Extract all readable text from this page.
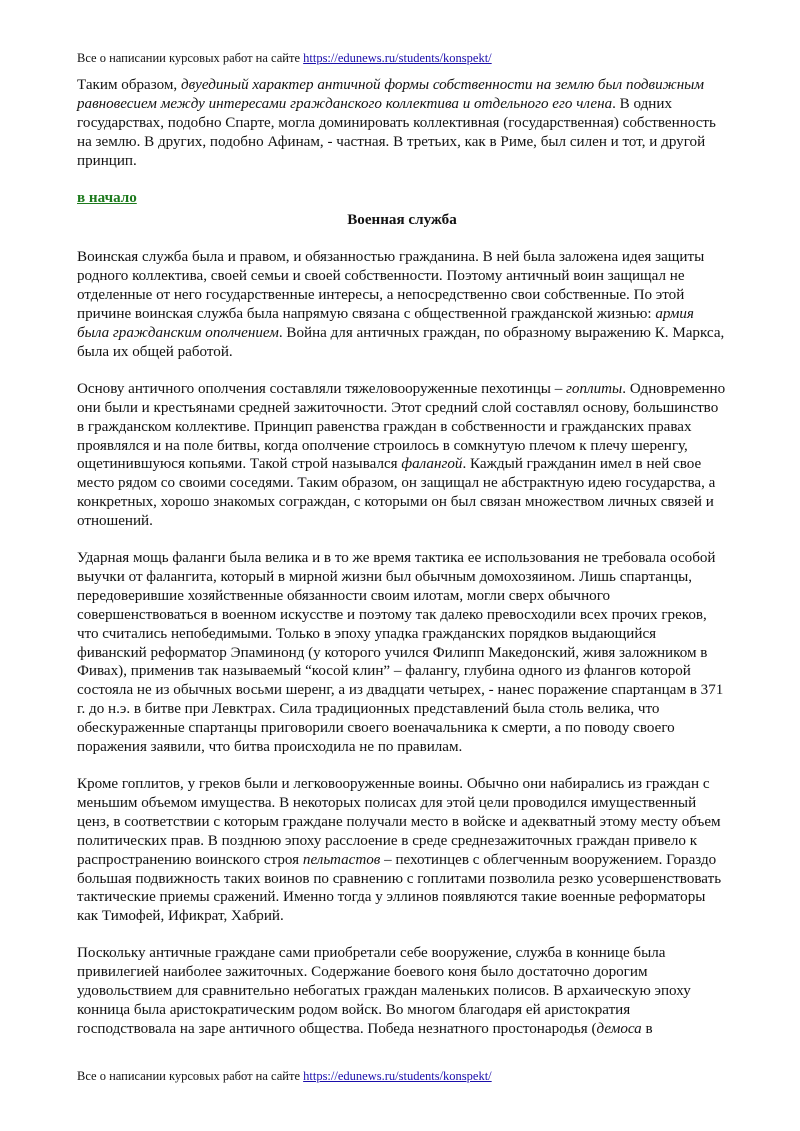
Все о написании курсовых работ на сайте https://edunews.ru/students/konspekt/

Таким образом, двуединый характер античной формы собственности на землю был подвижным равновесием между интересами гражданского коллектива и отдельного его члена. В одних государствах, подобно Спарте, могла доминировать коллективная (государственная) собственность на землю. В других, подобно Афинам, - частная. В третьих, как в Риме, был силен и тот, и другой принцип.

в начало

Военная служба

Воинская служба была и правом, и обязанностью гражданина. В ней была заложена идея защиты родного коллектива, своей семьи и своей собственности. Поэтому античный воин защищал не отделенные от него государственные интересы, а непосредственно свои собственные. По этой причине воинская служба была напрямую связана с общественной гражданской жизнью: армия была гражданским ополчением. Война для античных граждан, по образному выражению К. Маркса, была их общей работой.

Основу античного ополчения составляли тяжеловооруженные пехотинцы – гоплиты. Одновременно они были и крестьянами средней зажиточности. Этот средний слой составлял основу, большинство в гражданском коллективе. Принцип равенства граждан в собственности и гражданских правах проявлялся и на поле битвы, когда ополчение строилось в сомкнутую плечом к плечу шеренгу, ощетинившуюся копьями. Такой строй назывался фалангой. Каждый гражданин имел в ней свое место рядом со своими соседями. Таким образом, он защищал не абстрактную идею государства, а конкретных, хорошо знакомых сограждан, с которыми он был связан множеством личных связей и отношений.

Ударная мощь фаланги была велика и в то же время тактика ее использования не требовала особой выучки от фалангита, который в мирной жизни был обычным домохозяином. Лишь спартанцы, передоверившие хозяйственные обязанности своим илотам, могли сверх обычного совершенствоваться в военном искусстве и поэтому так далеко превосходили всех прочих греков, что считались непобедимыми. Только в эпоху упадка гражданских порядков выдающийся фиванский реформатор Эпаминонд (у которого учился Филипп Македонский, живя заложником в Фивах), применив так называемый “косой клин” – фалангу, глубина одного из флангов которой состояла не из обычных восьми шеренг, а из двадцати четырех, - нанес поражение спартанцам в 371 г. до н.э. в битве при Левктрах. Сила традиционных представлений была столь велика, что обескураженные спартанцы приговорили своего военачальника к смерти, а по поводу своего поражения заявили, что битва происходила не по правилам.

Кроме гоплитов, у греков были и легковооруженные воины. Обычно они набирались из граждан с меньшим объемом имущества. В некоторых полисах для этой цели проводился имущественный ценз, в соответствии с которым граждане получали место в войске и адекватный этому месту объем политических прав. В позднюю эпоху расслоение в среде среднезажиточных граждан привело к распространению воинского строя пельтастов – пехотинцев с облегченным вооружением. Гораздо большая подвижность таких воинов по сравнению с гоплитами позволила резко усовершенствовать тактические приемы сражений. Именно тогда у эллинов появляются такие военные реформаторы как Тимофей, Ификрат, Хабрий.

Поскольку античные граждане сами приобретали себе вооружение, служба в коннице была привилегией наиболее зажиточных. Содержание боевого коня было достаточно дорогим удовольствием для сравнительно небогатых граждан маленьких полисов. В архаическую эпоху конница была аристократическим родом войск. Во многом благодаря ей аристократия господствовала на заре античного общества. Победа незнатного простонародья (демоса в

Все о написании курсовых работ на сайте https://edunews.ru/students/konspekt/
